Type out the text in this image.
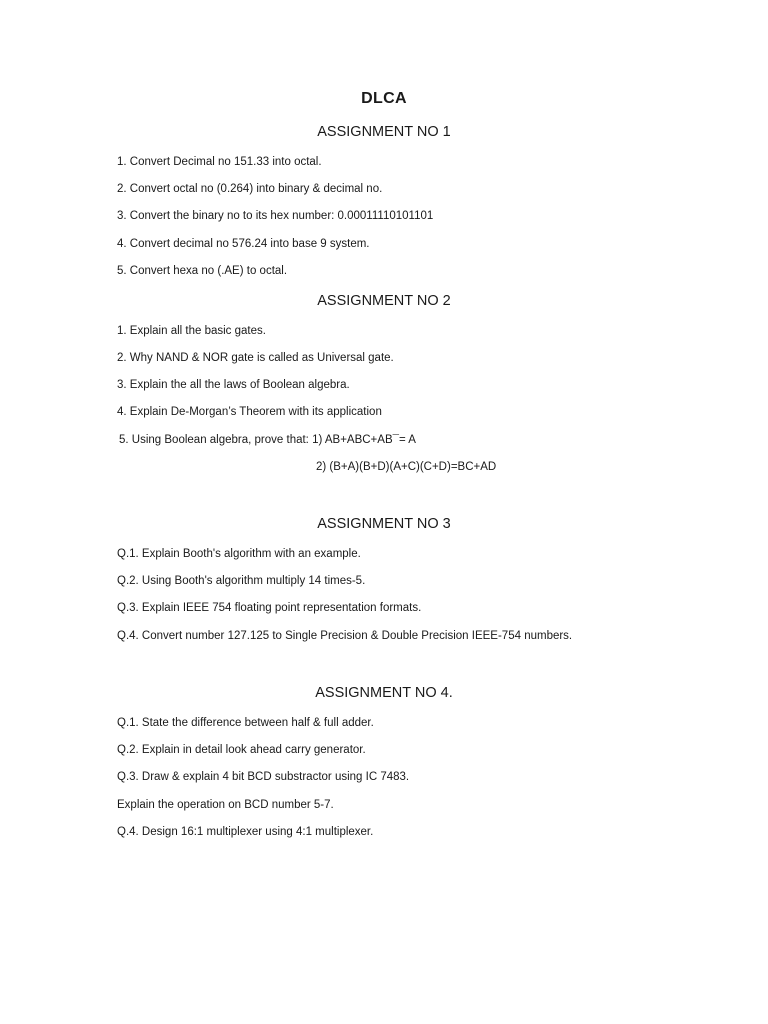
DLCA
ASSIGNMENT NO 1
1. Convert Decimal no 151.33 into octal.
2. Convert octal no (0.264) into binary & decimal no.
3. Convert the binary no to its hex number: 0.00011110101101
4. Convert decimal no 576.24 into base 9 system.
5. Convert hexa no (.AE) to octal.
ASSIGNMENT NO 2
1. Explain all the basic gates.
2. Why NAND & NOR gate is called as Universal gate.
3. Explain the all the laws of Boolean algebra.
4. Explain De-Morgan’s Theorem with its application
5. Using Boolean algebra, prove that: 1) AB+ABC+AB¯= A
2) (B+A)(B+D)(A+C)(C+D)=BC+AD
ASSIGNMENT NO 3
Q.1. Explain Booth's algorithm with an example.
Q.2. Using Booth's algorithm multiply 14 times-5.
Q.3. Explain IEEE 754 floating point representation formats.
Q.4. Convert number 127.125 to Single Precision & Double Precision IEEE-754 numbers.
ASSIGNMENT NO 4.
Q.1. State the difference between half & full adder.
Q.2. Explain in detail look ahead carry generator.
Q.3. Draw & explain 4 bit BCD substractor using IC 7483.
Explain the operation on BCD number 5-7.
Q.4. Design 16:1 multiplexer using 4:1 multiplexer.
